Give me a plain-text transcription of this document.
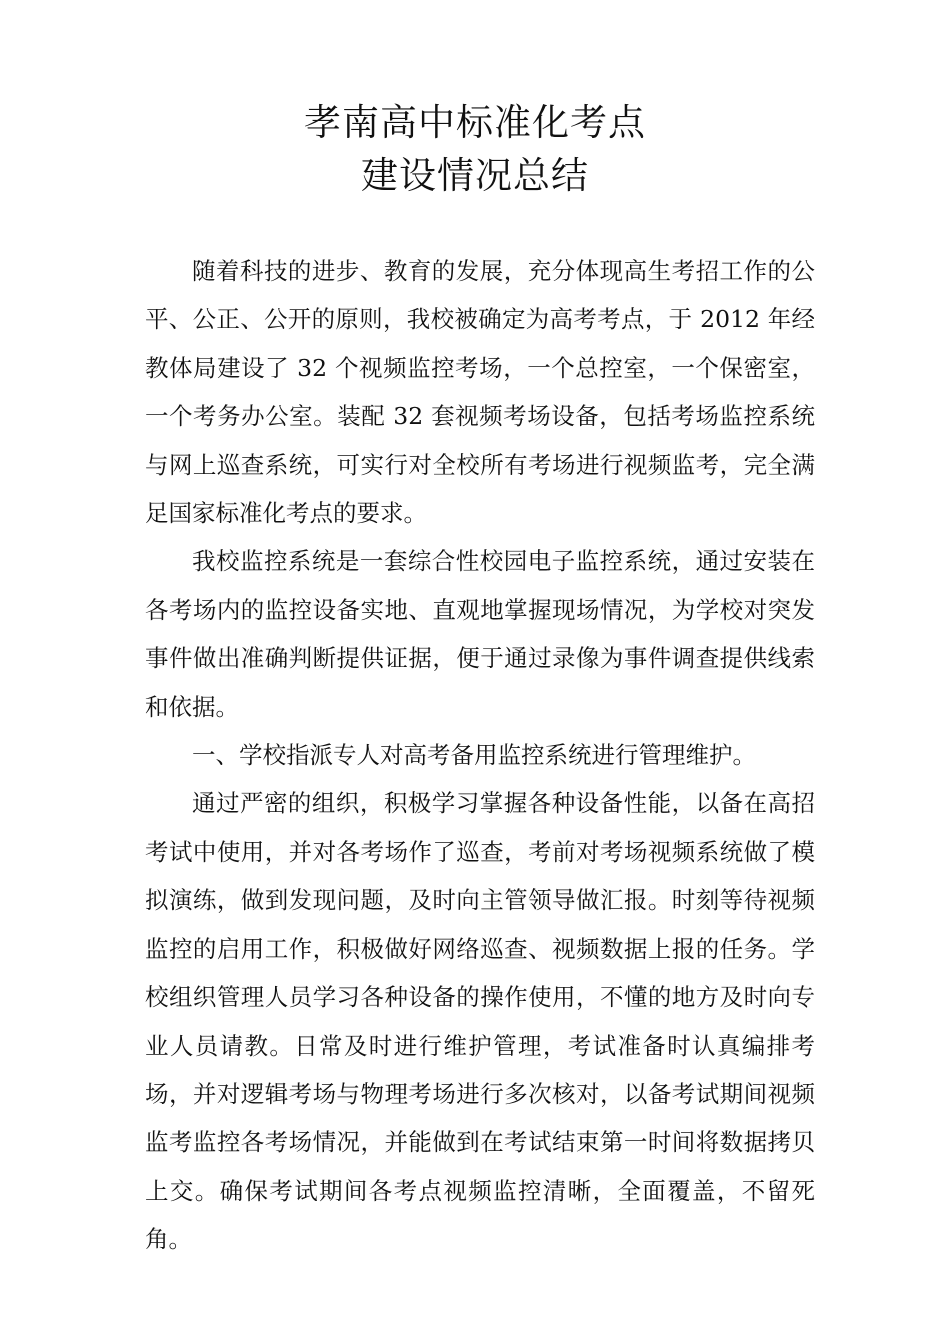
孝南高中标准化考点
建设情况总结

随着科技的进步、教育的发展，充分体现高生考招工作的公平、公正、公开的原则，我校被确定为高考考点，于 2012 年经教体局建设了 32 个视频监控考场，一个总控室，一个保密室，一个考务办公室。装配 32 套视频考场设备，包括考场监控系统与网上巡查系统，可实行对全校所有考场进行视频监考，完全满足国家标准化考点的要求。

我校监控系统是一套综合性校园电子监控系统，通过安装在各考场内的监控设备实地、直观地掌握现场情况，为学校对突发事件做出准确判断提供证据，便于通过录像为事件调查提供线索和依据。

一、学校指派专人对高考备用监控系统进行管理维护。

通过严密的组织，积极学习掌握各种设备性能，以备在高招考试中使用，并对各考场作了巡查，考前对考场视频系统做了模拟演练，做到发现问题，及时向主管领导做汇报。时刻等待视频监控的启用工作，积极做好网络巡查、视频数据上报的任务。学校组织管理人员学习各种设备的操作使用，不懂的地方及时向专业人员请教。日常及时进行维护管理，考试准备时认真编排考场，并对逻辑考场与物理考场进行多次核对，以备考试期间视频监考监控各考场情况，并能做到在考试结束第一时间将数据拷贝上交。确保考试期间各考点视频监控清晰，全面覆盖，不留死角。
